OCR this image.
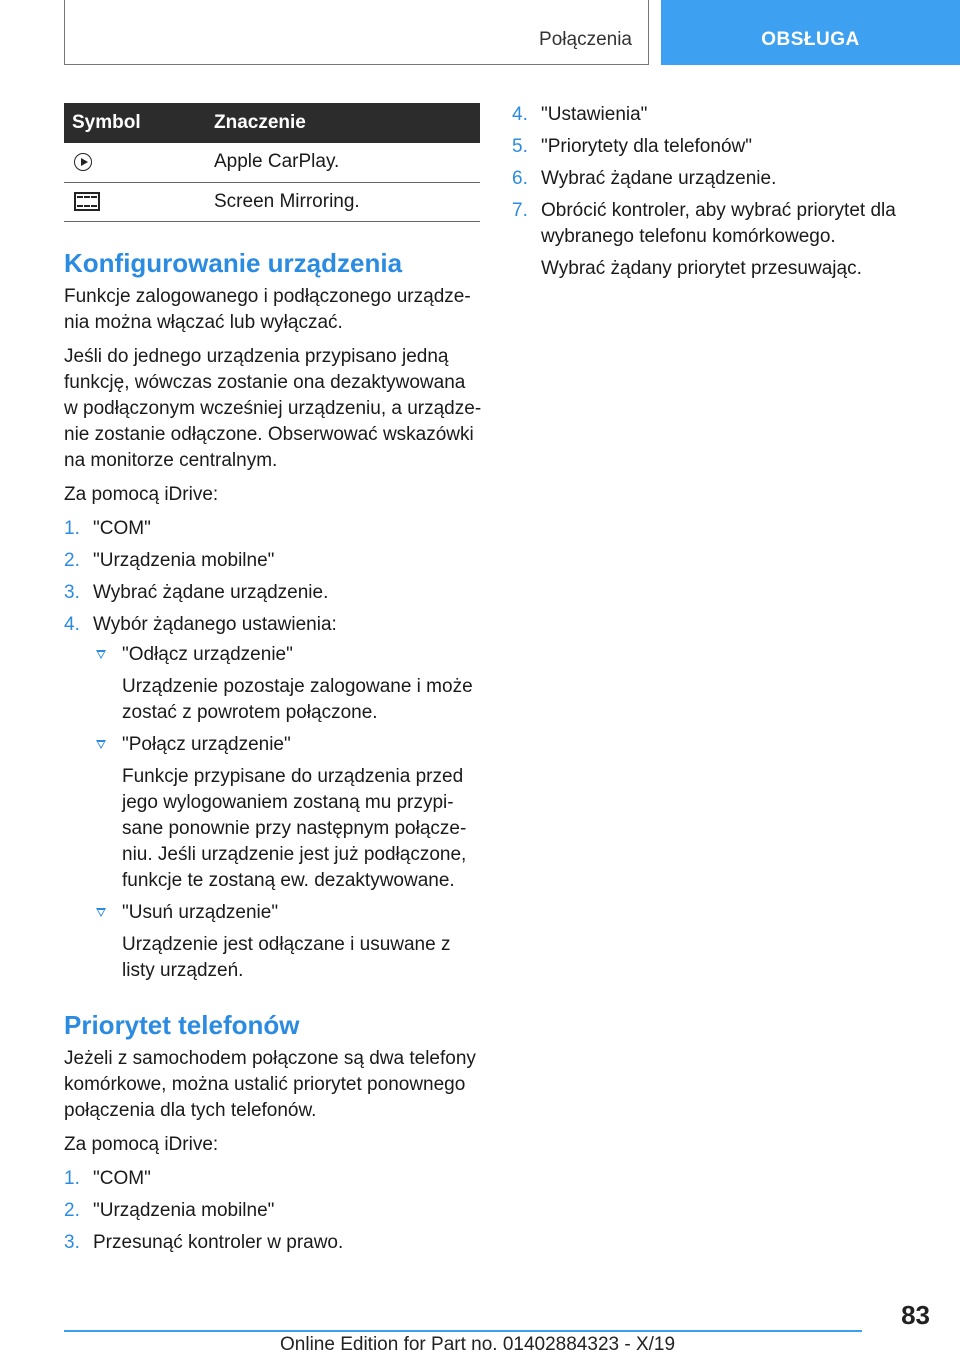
Połączenia	OBSŁUGA
Symbol	Znaczenie
	Apple CarPlay.
	Screen Mirroring.
Konfigurowanie urządzenia

Funkcje zalogowanego i podłączonego urządzenia można włączać lub wyłączać.

Jeśli do jednego urządzenia przypisano jedną funkcję, wówczas zostanie ona dezaktywowana w podłączonym wcześniej urządzeniu, a urządzenie zostanie odłączone. Obserwować wskazówki na monitorze centralnym.

Za pomocą iDrive:

1. "COM"
2. "Urządzenia mobilne"
3. Wybrać żądane urządzenie.
4. Wybór żądanego ustawienia:
"Odłącz urządzenie"

Urządzenie pozostaje zalogowane i może zostać z powrotem połączone.

"Połącz urządzenie"

Funkcje przypisane do urządzenia przed jego wylogowaniem zostaną mu przypisane ponownie przy następnym połączeniu. Jeśli urządzenie jest już podłączone, funkcje te zostaną ew. dezaktywowane.

"Usuń urządzenie"

Urządzenie jest odłączane i usuwane z listy urządzeń.

Priorytet telefonów

Jeżeli z samochodem połączone są dwa telefony komórkowe, można ustalić priorytet ponownego połączenia dla tych telefonów.

Za pomocą iDrive:

1. "COM"
2. "Urządzenia mobilne"
3. Przesunąć kontroler w prawo.
4. "Ustawienia"
5. "Priorytety dla telefonów"
6. Wybrać żądane urządzenie.
7. Obrócić kontroler, aby wybrać priorytet dla wybranego telefonu komórkowego.

Wybrać żądany priorytet przesuwając.

83
Online Edition for Part no. 01402884323 - X/19
